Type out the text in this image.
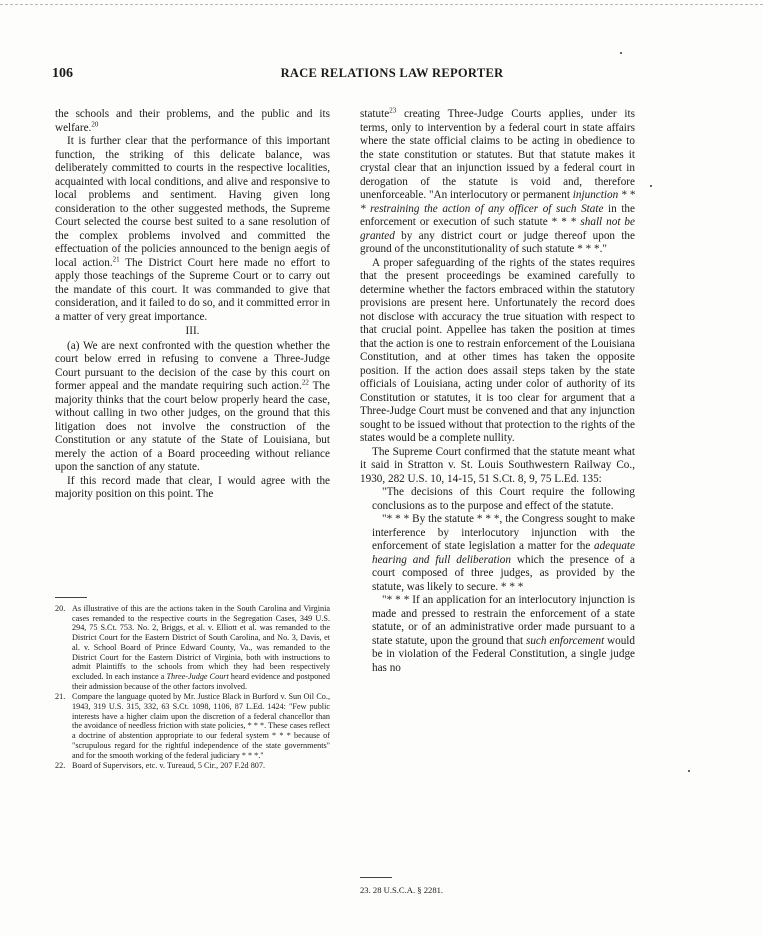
106	RACE RELATIONS LAW REPORTER

the schools and their problems, and the public and its welfare.$^{20}$

It is further clear that the performance of this important function, the striking of this delicate balance, was deliberately committed to courts in the respective localities, acquainted with local conditions, and alive and responsive to local problems and sentiment. Having given long consideration to the other suggested methods, the Supreme Court selected the course best suited to a sane resolution of the complex problems involved and committed the effectuation of the policies announced to the benign aegis of local action.$^{21}$ The District Court here made no effort to apply those teachings of the Supreme Court or to carry out the mandate of this court. It was commanded to give that consideration, and it failed to do so, and it committed error in a matter of very great importance.

III.

(a) We are next confronted with the question whether the court below erred in refusing to convene a Three-Judge Court pursuant to the decision of the case by this court on former appeal and the mandate requiring such action.$^{22}$ The majority thinks that the court below properly heard the case, without calling in two other judges, on the ground that this litigation does not involve the construction of the Constitution or any statute of the State of Louisiana, but merely the action of a Board proceeding without reliance upon the sanction of any statute.

If this record made that clear, I would agree with the majority position on this point. The

20. As illustrative of this are the actions taken in the South Carolina and Virginia cases remanded to the respective courts in the Segregation Cases, 349 U.S. 294, 75 S.Ct. 753. No. 2, Briggs, et al. v. Elliott et al. was remanded to the District Court for the Eastern District of South Carolina, and No. 3, Davis, et al. v. School Board of Prince Edward County, Va., was remanded to the District Court for the Eastern District of Virginia, both with instructions to admit Plaintiffs to the schools from which they had been respectively excluded. In each instance a Three-Judge Court heard evidence and postponed their admission because of the other factors involved.
21. Compare the language quoted by Mr. Justice Black in Burford v. Sun Oil Co., 1943, 319 U.S. 315, 332, 63 S.Ct. 1098, 1106, 87 L.Ed. 1424: "Few public interests have a higher claim upon the discretion of a federal chancellor than the avoidance of needless friction with state policies, * * *. These cases reflect a doctrine of abstention appropriate to our federal system * * * because of "scrupulous regard for the rightful independence of the state governments" and for the smooth working of the federal judiciary * * *."
22. Board of Supervisors, etc. v. Tureaud, 5 Cir., 207 F.2d 807.

statute$^{23}$ creating Three-Judge Courts applies, under its terms, only to intervention by a federal court in state affairs where the state official claims to be acting in obedience to the state constitution or statutes. But that statute makes it crystal clear that an injunction issued by a federal court in derogation of the statute is void and, therefore unenforceable. "An interlocutory or permanent injunction * * * restraining the action of any officer of such State in the enforcement or execution of such statute * * * shall not be granted by any district court or judge thereof upon the ground of the unconstitutionality of such statute * * *."

A proper safeguarding of the rights of the states requires that the present proceedings be examined carefully to determine whether the factors embraced within the statutory provisions are present here. Unfortunately the record does not disclose with accuracy the true situation with respect to that crucial point. Appellee has taken the position at times that the action is one to restrain enforcement of the Louisiana Constitution, and at other times has taken the opposite position. If the action does assail steps taken by the state officials of Louisiana, acting under color of authority of its Constitution or statutes, it is too clear for argument that a Three-Judge Court must be convened and that any injunction sought to be issued without that protection to the rights of the states would be a complete nullity.

The Supreme Court confirmed that the statute meant what it said in Stratton v. St. Louis Southwestern Railway Co., 1930, 282 U.S. 10, 14-15, 51 S.Ct. 8, 9, 75 L.Ed. 135:

"The decisions of this Court require the following conclusions as to the purpose and effect of the statute.

"* * * By the statute * * *, the Congress sought to make interference by interlocutory injunction with the enforcement of state legislation a matter for the adequate hearing and full deliberation which the presence of a court composed of three judges, as provided by the statute, was likely to secure. * * *

"* * * If an application for an interlocutory injunction is made and pressed to restrain the enforcement of a state statute, or of an administrative order made pursuant to a state statute, upon the ground that such enforcement would be in violation of the Federal Constitution, a single judge has no

23. 28 U.S.C.A. § 2281.
